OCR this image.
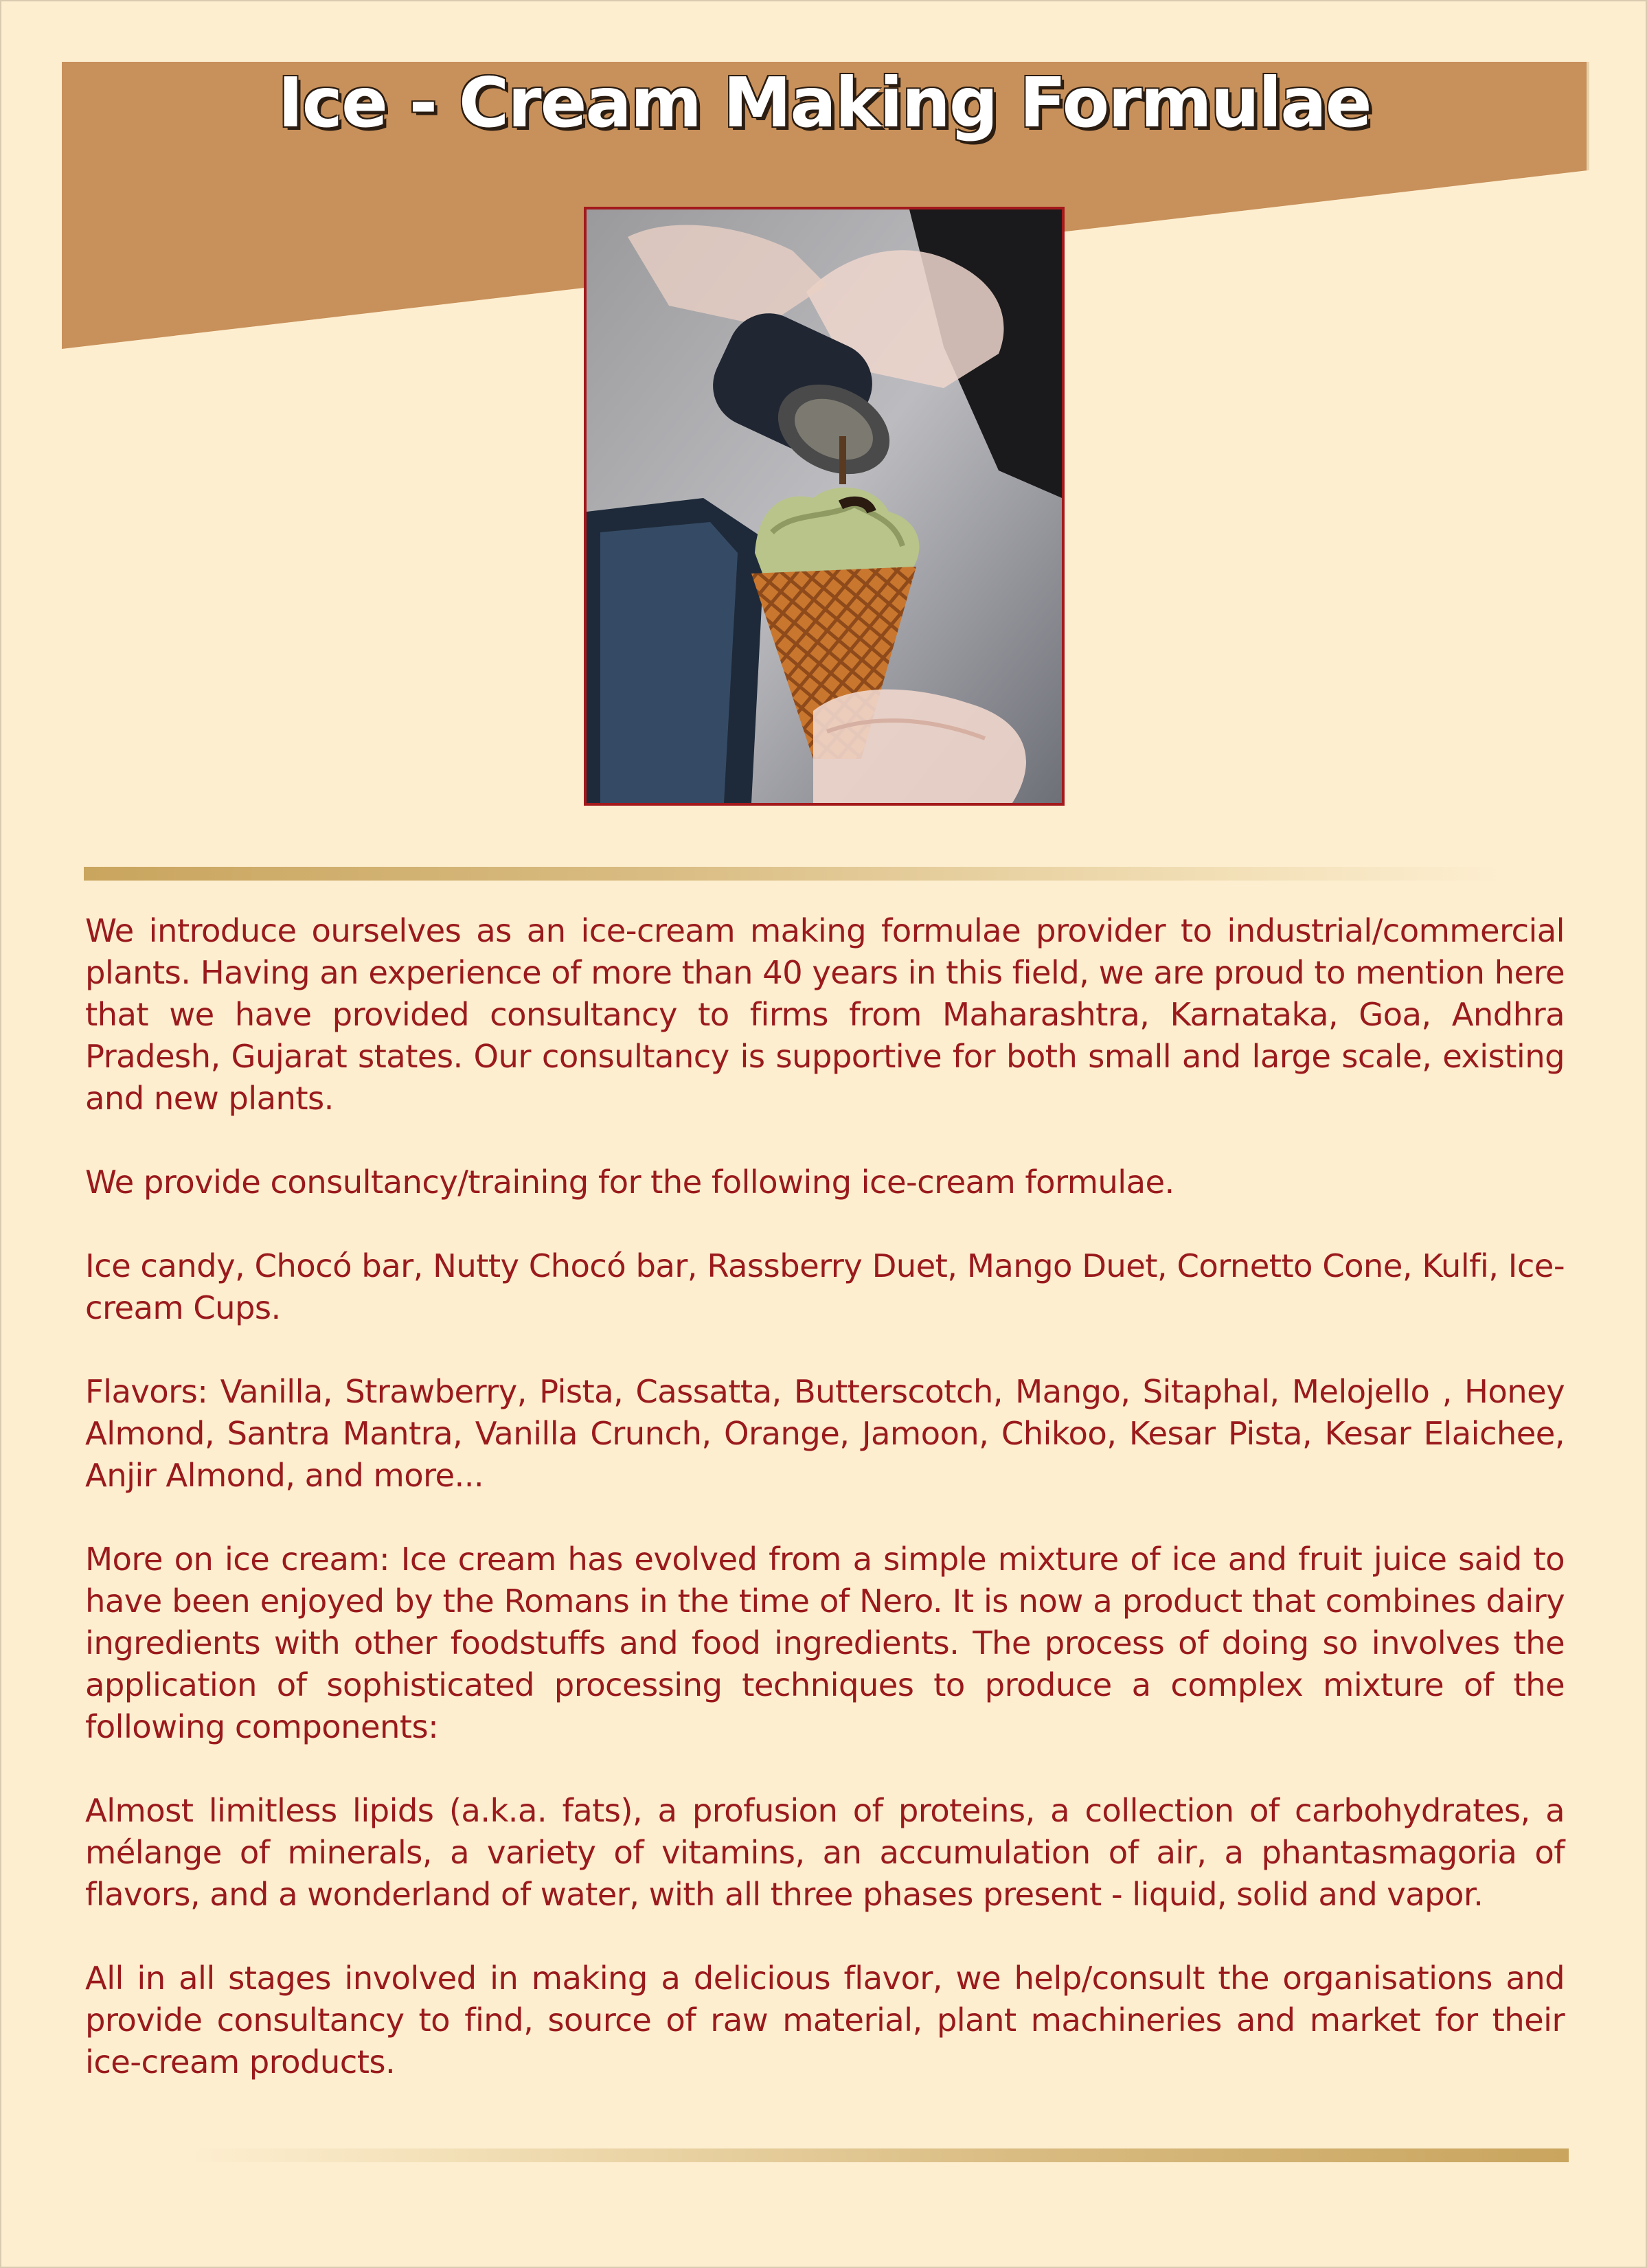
Ice - Cream Making Formulae

We introduce ourselves as an ice-cream making formulae provider to industrial/commercial plants. Having an experience of more than 40 years in this field, we are proud to mention here that we have provided consultancy to firms from Maharashtra, Karnataka, Goa, Andhra Pradesh, Gujarat states. Our consultancy is supportive for both small and large scale, existing and new plants.

We provide consultancy/training for the following ice-cream formulae.

Ice candy, Chocó bar, Nutty Chocó bar, Rassberry Duet, Mango Duet, Cornetto Cone, Kulfi, Ice-cream Cups.

Flavors: Vanilla, Strawberry, Pista, Cassatta, Butterscotch, Mango, Sitaphal, Melojello , Honey Almond, Santra Mantra, Vanilla Crunch, Orange, Jamoon, Chikoo, Kesar Pista, Kesar Elaichee, Anjir Almond, and more...

More on ice cream: Ice cream has evolved from a simple mixture of ice and fruit juice said to have been enjoyed by the Romans in the time of Nero. It is now a product that combines dairy ingredients with other foodstuffs and food ingredients. The process of doing so involves the application of sophisticated processing techniques to produce a complex mixture of the following components:

Almost limitless lipids (a.k.a. fats), a profusion of proteins, a collection of carbohydrates, a mélange of minerals, a variety of vitamins, an accumulation of air, a phantasmagoria of flavors, and a wonderland of water, with all three phases present - liquid, solid and vapor.

All in all stages involved in making a delicious flavor, we help/consult the organisations and provide consultancy to find, source of raw material, plant machineries and market for their ice-cream products.
